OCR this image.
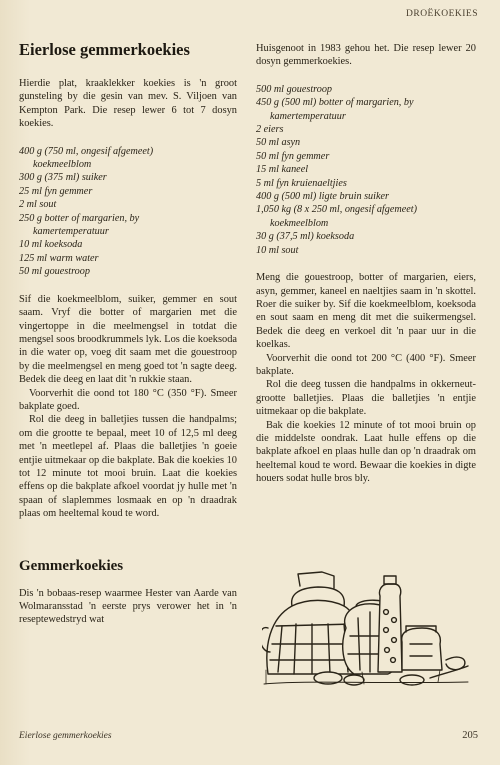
DROËKOEKIES
Eierlose gemmerkoekies

Hierdie plat, kraaklekker koekies is 'n groot gunsteling by die gesin van mev. S. Viljoen van Kempton Park. Die resep lewer 6 tot 7 dosyn koekies.

400 g (750 ml, ongesif afgemeet)
koekmeelblom
300 g (375 ml) suiker
25 ml fyn gemmer
2 ml sout
250 g botter of margarien, by
kamertemperatuur
10 ml koeksoda
125 ml warm water
50 ml gouestroop

Sif die koekmeelblom, suiker, gemmer en sout saam. Vryf die botter of margarien met die vingertoppe in die meelmengsel in totdat die mengsel soos broodkrummels lyk. Los die koeksoda in die water op, voeg dit saam met die gouestroop by die meelmengsel en meng goed tot 'n sagte deeg. Bedek die deeg en laat dit 'n rukkie staan.

Voorverhit die oond tot 180 °C (350 °F). Smeer bakplate goed.

Rol die deeg in balletjies tussen die handpalms; om die grootte te bepaal, meet 10 of 12,5 ml deeg met 'n meetlepel af. Plaas die balletjies 'n goeie entjie uitmekaar op die bakplate. Bak die koekies 10 tot 12 minute tot mooi bruin. Laat die koekies effens op die bakplate afkoel voordat jy hulle met 'n spaan of slaplemmes losmaak en op 'n draadrak plaas om heeltemal koud te word.

Gemmerkoekies

Dis 'n bobaas-resep waarmee Hester van Aarde van Wolmaransstad 'n eerste prys verower het in 'n reseptewedstryd wat

Huisgenoot in 1983 gehou het. Die resep lewer 20 dosyn gemmerkoekies.

500 ml gouestroop
450 g (500 ml) botter of margarien, by
kamertemperatuur
2 eiers
50 ml asyn
50 ml fyn gemmer
15 ml kaneel
5 ml fyn kruienaeltjies
400 g (500 ml) ligte bruin suiker
1,050 kg (8 x 250 ml, ongesif afgemeet)
koekmeelblom
30 g (37,5 ml) koeksoda
10 ml sout

Meng die gouestroop, botter of margarien, eiers, asyn, gemmer, kaneel en naeltjies saam in 'n skottel. Roer die suiker by. Sif die koekmeelblom, koeksoda en sout saam en meng dit met die suikermengsel. Bedek die deeg en verkoel dit 'n paar uur in die koelkas.

Voorverhit die oond tot 200 °C (400 °F). Smeer bakplate.

Rol die deeg tussen die handpalms in okkerneut-grootte balletjies. Plaas die balletjies 'n entjie uitmekaar op die bakplate.

Bak die koekies 12 minute of tot mooi bruin op die middelste oondrak. Laat hulle effens op die bakplate afkoel en plaas hulle dan op 'n draadrak om heeltemal koud te word. Bewaar die koekies in digte houers sodat hulle bros bly.

Eierlose gemmerkoekies	205
